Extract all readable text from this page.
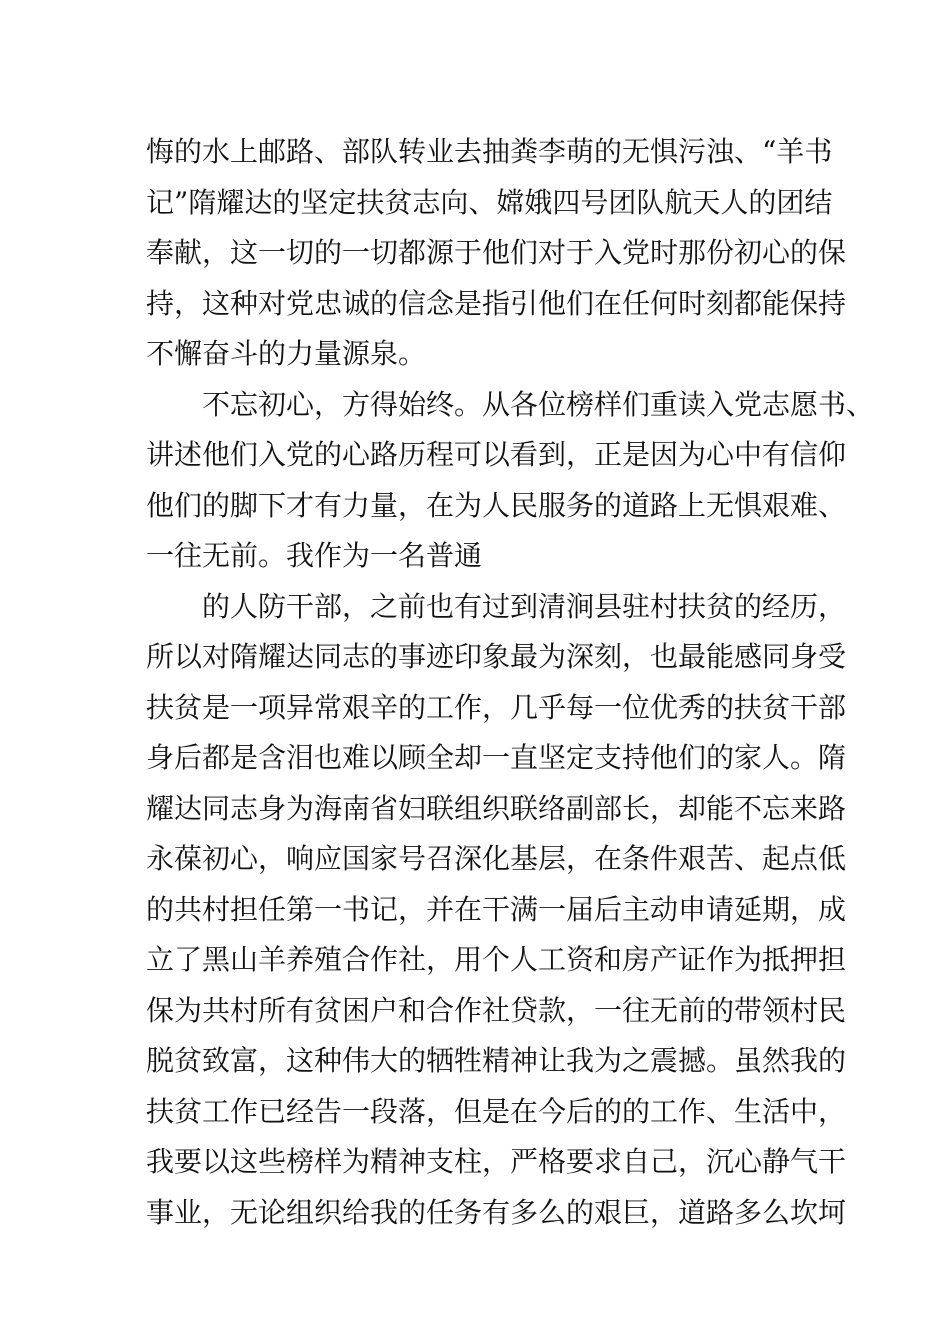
悔的水上邮路、部队转业去抽粪李萌的无惧污浊、“羊书
记”隋耀达的坚定扶贫志向、嫦娥四号团队航天人的团结
奉献，这一切的一切都源于他们对于入党时那份初心的保
持，这种对党忠诚的信念是指引他们在任何时刻都能保持
不懈奋斗的力量源泉。
不忘初心，方得始终。从各位榜样们重读入党志愿书、
讲述他们入党的心路历程可以看到，正是因为心中有信仰
他们的脚下才有力量，在为人民服务的道路上无惧艰难、
一往无前。我作为一名普通
的人防干部，之前也有过到清涧县驻村扶贫的经历，
所以对隋耀达同志的事迹印象最为深刻，也最能感同身受
扶贫是一项异常艰辛的工作，几乎每一位优秀的扶贫干部
身后都是含泪也难以顾全却一直坚定支持他们的家人。隋
耀达同志身为海南省妇联组织联络副部长，却能不忘来路
永葆初心，响应国家号召深化基层，在条件艰苦、起点低
的共村担任第一书记，并在干满一届后主动申请延期，成
立了黑山羊养殖合作社，用个人工资和房产证作为抵押担
保为共村所有贫困户和合作社贷款，一往无前的带领村民
脱贫致富，这种伟大的牺牲精神让我为之震撼。虽然我的
扶贫工作已经告一段落，但是在今后的的工作、生活中，
我要以这些榜样为精神支柱，严格要求自己，沉心静气干
事业，无论组织给我的任务有多么的艰巨，道路多么坎坷
